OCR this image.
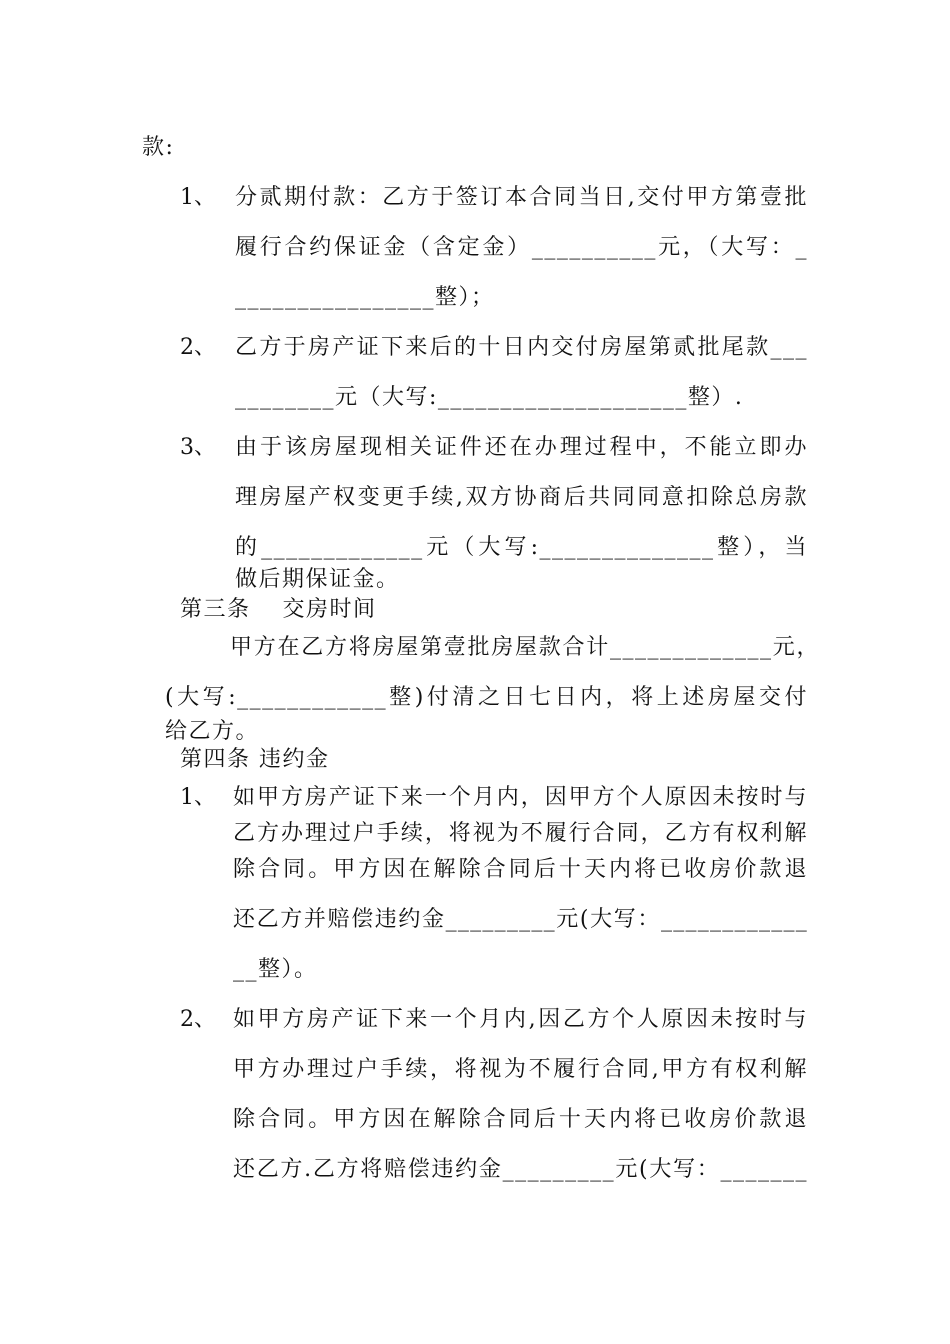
款:
1、 分贰期付款：乙方于签订本合同当日,交付甲方第壹批
履行合约保证金（含定金）__________元，（大写：_
________________整）；
2、 乙方于房产证下来后的十日内交付房屋第贰批尾款___
________元（大写:____________________整）.
3、 由于该房屋现相关证件还在办理过程中，不能立即办
理房屋产权变更手续,双方协商后共同同意扣除总房款
的_____________元（大写:______________整），当
做后期保证金。
第三条　 交房时间
甲方在乙方将房屋第壹批房屋款合计_____________元，
(大写:____________整)付清之日七日内，将上述房屋交付
给乙方。
第四条 违约金
1、 如甲方房产证下来一个月内，因甲方个人原因未按时与
乙方办理过户手续，将视为不履行合同，乙方有权利解
除合同。甲方因在解除合同后十天内将已收房价款退
还乙方并赔偿违约金_________元(大写：____________
__整）。
2、 如甲方房产证下来一个月内,因乙方个人原因未按时与
甲方办理过户手续，将视为不履行合同,甲方有权利解
除合同。甲方因在解除合同后十天内将已收房价款退
还乙方.乙方将赔偿违约金_________元(大写：_______
